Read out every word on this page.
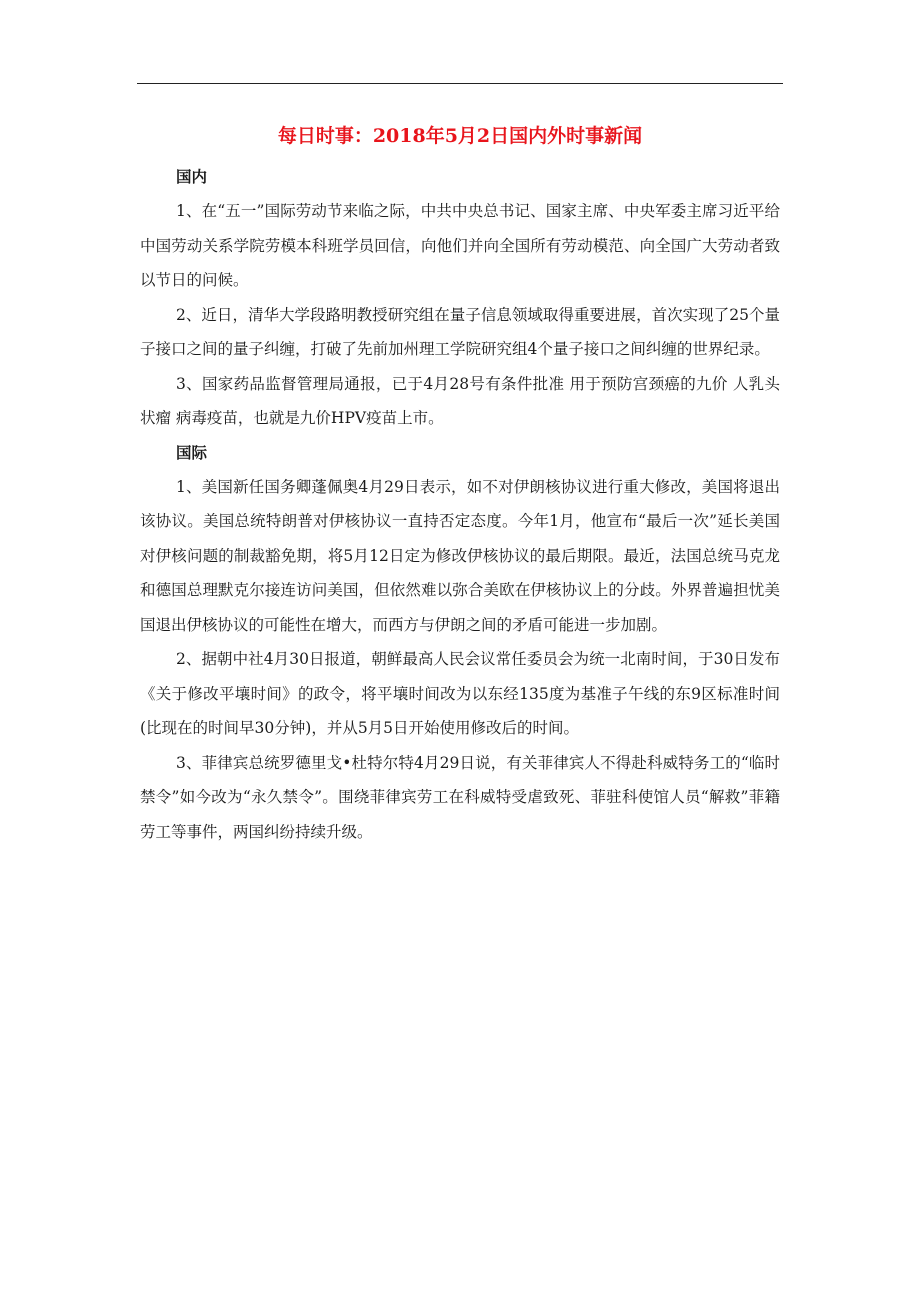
每日时事：2018年5月2日国内外时事新闻
国内

1、在“五一”国际劳动节来临之际，中共中央总书记、国家主席、中央军委主席习近平给中国劳动关系学院劳模本科班学员回信，向他们并向全国所有劳动模范、向全国广大劳动者致以节日的问候。

2、近日，清华大学段路明教授研究组在量子信息领域取得重要进展，首次实现了25个量子接口之间的量子纠缠，打破了先前加州理工学院研究组4个量子接口之间纠缠的世界纪录。

3、国家药品监督管理局通报，已于4月28号有条件批准 用于预防宫颈癌的九价 人乳头状瘤 病毒疫苗，也就是九价HPV疫苗上市。

国际

1、美国新任国务卿蓬佩奥4月29日表示，如不对伊朗核协议进行重大修改，美国将退出该协议。美国总统特朗普对伊核协议一直持否定态度。今年1月，他宣布“最后一次”延长美国对伊核问题的制裁豁免期，将5月12日定为修改伊核协议的最后期限。最近，法国总统马克龙和德国总理默克尔接连访问美国，但依然难以弥合美欧在伊核协议上的分歧。外界普遍担忧美国退出伊核协议的可能性在增大，而西方与伊朗之间的矛盾可能进一步加剧。

2、据朝中社4月30日报道，朝鲜最高人民会议常任委员会为统一北南时间，于30日发布《关于修改平壤时间》的政令，将平壤时间改为以东经135度为基准子午线的东9区标准时间(比现在的时间早30分钟)，并从5月5日开始使用修改后的时间。

3、菲律宾总统罗德里戈•杜特尔特4月29日说，有关菲律宾人不得赴科威特务工的“临时禁令”如今改为“永久禁令”。围绕菲律宾劳工在科威特受虐致死、菲驻科使馆人员“解救”菲籍劳工等事件，两国纠纷持续升级。
